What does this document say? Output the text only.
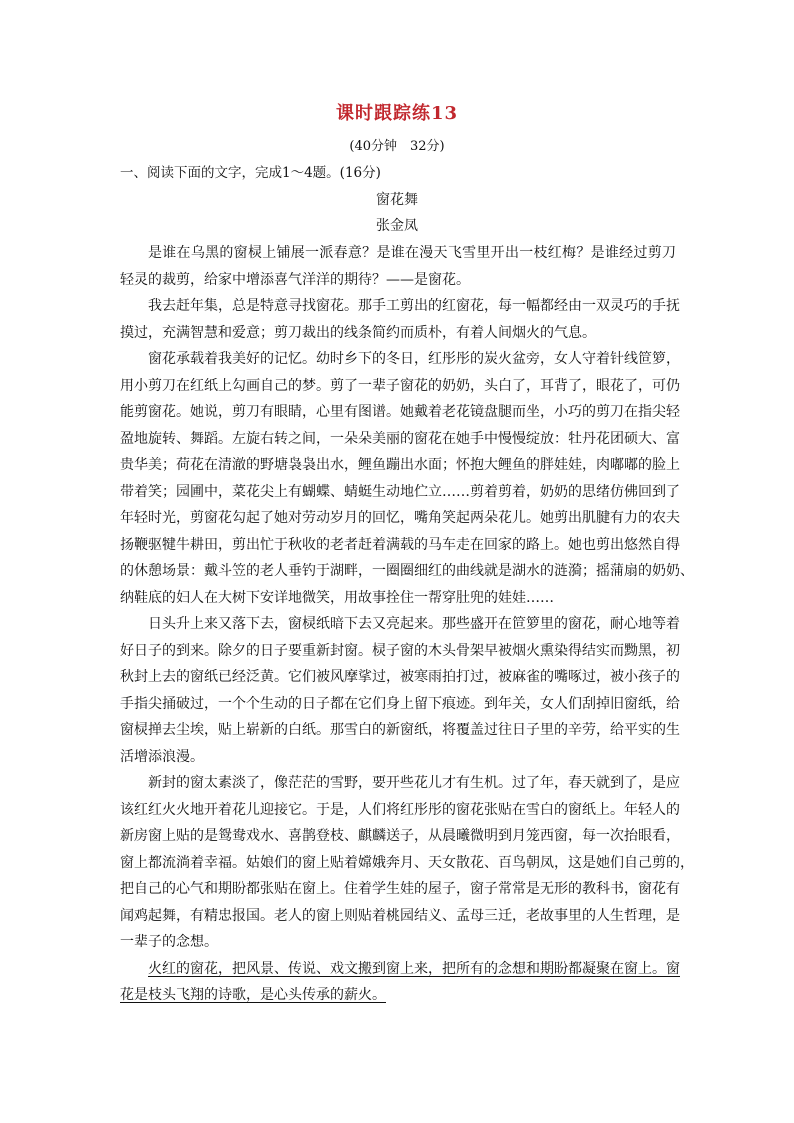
课时跟踪练13
(40分钟　32分)
一、阅读下面的文字，完成1～4题。(16分)
窗花舞
张金凤
是谁在乌黑的窗棂上铺展一派春意？是谁在漫天飞雪里开出一枝红梅？是谁经过剪刀
轻灵的裁剪，给家中增添喜气洋洋的期待？——是窗花。
我去赶年集，总是特意寻找窗花。那手工剪出的红窗花，每一幅都经由一双灵巧的手抚
摸过，充满智慧和爱意；剪刀裁出的线条简约而质朴，有着人间烟火的气息。
窗花承载着我美好的记忆。幼时乡下的冬日，红彤彤的炭火盆旁，女人守着针线笸箩，
用小剪刀在红纸上勾画自己的梦。剪了一辈子窗花的奶奶，头白了，耳背了，眼花了，可仍
能剪窗花。她说，剪刀有眼睛，心里有图谱。她戴着老花镜盘腿而坐，小巧的剪刀在指尖轻
盈地旋转、舞蹈。左旋右转之间，一朵朵美丽的窗花在她手中慢慢绽放：牡丹花团硕大、富
贵华美；荷花在清澈的野塘袅袅出水，鲤鱼蹦出水面；怀抱大鲤鱼的胖娃娃，肉嘟嘟的脸上
带着笑；园圃中，菜花尖上有蝴蝶、蜻蜓生动地伫立……剪着剪着，奶奶的思绪仿佛回到了
年轻时光，剪窗花勾起了她对劳动岁月的回忆，嘴角笑起两朵花儿。她剪出肌腱有力的农夫
扬鞭驱犍牛耕田，剪出忙于秋收的老者赶着满载的马车走在回家的路上。她也剪出悠然自得
的休憩场景：戴斗笠的老人垂钓于湖畔，一圈圈细红的曲线就是湖水的涟漪；摇蒲扇的奶奶、
纳鞋底的妇人在大树下安详地微笑，用故事拴住一帮穿肚兜的娃娃……
日头升上来又落下去，窗棂纸暗下去又亮起来。那些盛开在笸箩里的窗花，耐心地等着
好日子的到来。除夕的日子要重新封窗。棂子窗的木头骨架早被烟火熏染得结实而黝黑，初
秋封上去的窗纸已经泛黄。它们被风摩挲过，被寒雨拍打过，被麻雀的嘴啄过，被小孩子的
手指尖捅破过，一个个生动的日子都在它们身上留下痕迹。到年关，女人们刮掉旧窗纸，给
窗棂掸去尘埃，贴上崭新的白纸。那雪白的新窗纸，将覆盖过往日子里的辛劳，给平实的生
活增添浪漫。
新封的窗太素淡了，像茫茫的雪野，要开些花儿才有生机。过了年，春天就到了，是应
该红红火火地开着花儿迎接它。于是，人们将红彤彤的窗花张贴在雪白的窗纸上。年轻人的
新房窗上贴的是鸳鸯戏水、喜鹊登枝、麒麟送子，从晨曦微明到月笼西窗，每一次抬眼看，
窗上都流淌着幸福。姑娘们的窗上贴着嫦娥奔月、天女散花、百鸟朝凤，这是她们自己剪的，
把自己的心气和期盼都张贴在窗上。住着学生娃的屋子，窗子常常是无形的教科书，窗花有
闻鸡起舞，有精忠报国。老人的窗上则贴着桃园结义、孟母三迁，老故事里的人生哲理，是
一辈子的念想。
火红的窗花，把风景、传说、戏文搬到窗上来，把所有的念想和期盼都凝聚在窗上。窗
花是枝头飞翔的诗歌，是心头传承的薪火。
